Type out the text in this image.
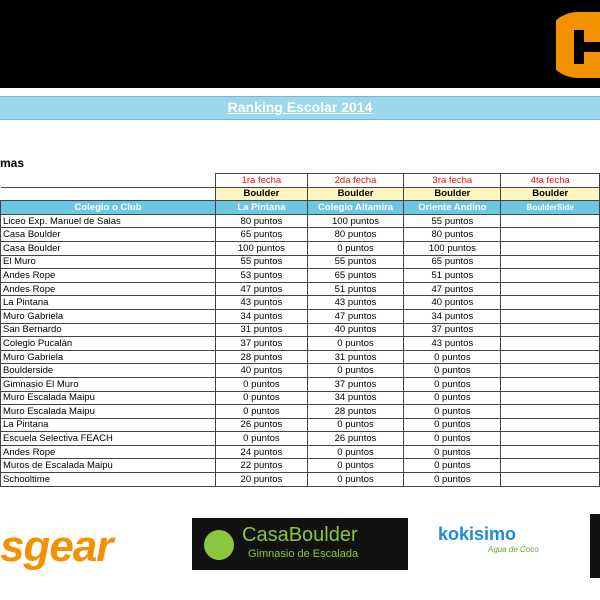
Ranking Escolar 2014
mas
	1ra fecha	2da fecha	3ra fecha	4ta fecha
	Boulder	Boulder	Boulder	Boulder
Colegio o Club	La Pintana	Colegio Altamira	Oriente Andino	BoulderSide
Liceo Exp. Manuel de Salas	80 puntos	100 puntos	55 puntos	
Casa Boulder	65 puntos	80 puntos	80 puntos	
Casa Boulder	100 puntos	0 puntos	100 puntos	
El Muro	55 puntos	55 puntos	65 puntos	
Andes Rope	53 puntos	65 puntos	51 puntos	
Andes Rope	47 puntos	51 puntos	47 puntos	
La Pintana	43 puntos	43 puntos	40 puntos	
Muro Gabriela	34 puntos	47 puntos	34 puntos	
San Bernardo	31 puntos	40 puntos	37 puntos	
Colegio Pucalán	37 puntos	0 puntos	43 puntos	
Muro Gabriela	28 puntos	31 puntos	0 puntos	
Boulderside	40 puntos	0 puntos	0 puntos	
Gimnasio El Muro	0 puntos	37 puntos	0 puntos	
Muro Escalada Maipu	0 puntos	34 puntos	0 puntos	
Muro Escalada Maipu	0 puntos	28 puntos	0 puntos	
La Pintana	26 puntos	0 puntos	0 puntos	
Escuela Selectiva FEACH	0 puntos	26 puntos	0 puntos	
Andes Rope	24 puntos	0 puntos	0 puntos	
Muros de Escalada Maipu	22 puntos	0 puntos	0 puntos	
Schooltime	20 puntos	0 puntos	0 puntos	
sgear	CasaBoulder
Gimnasio de Escalada
kokisimo
Agua de Coco
